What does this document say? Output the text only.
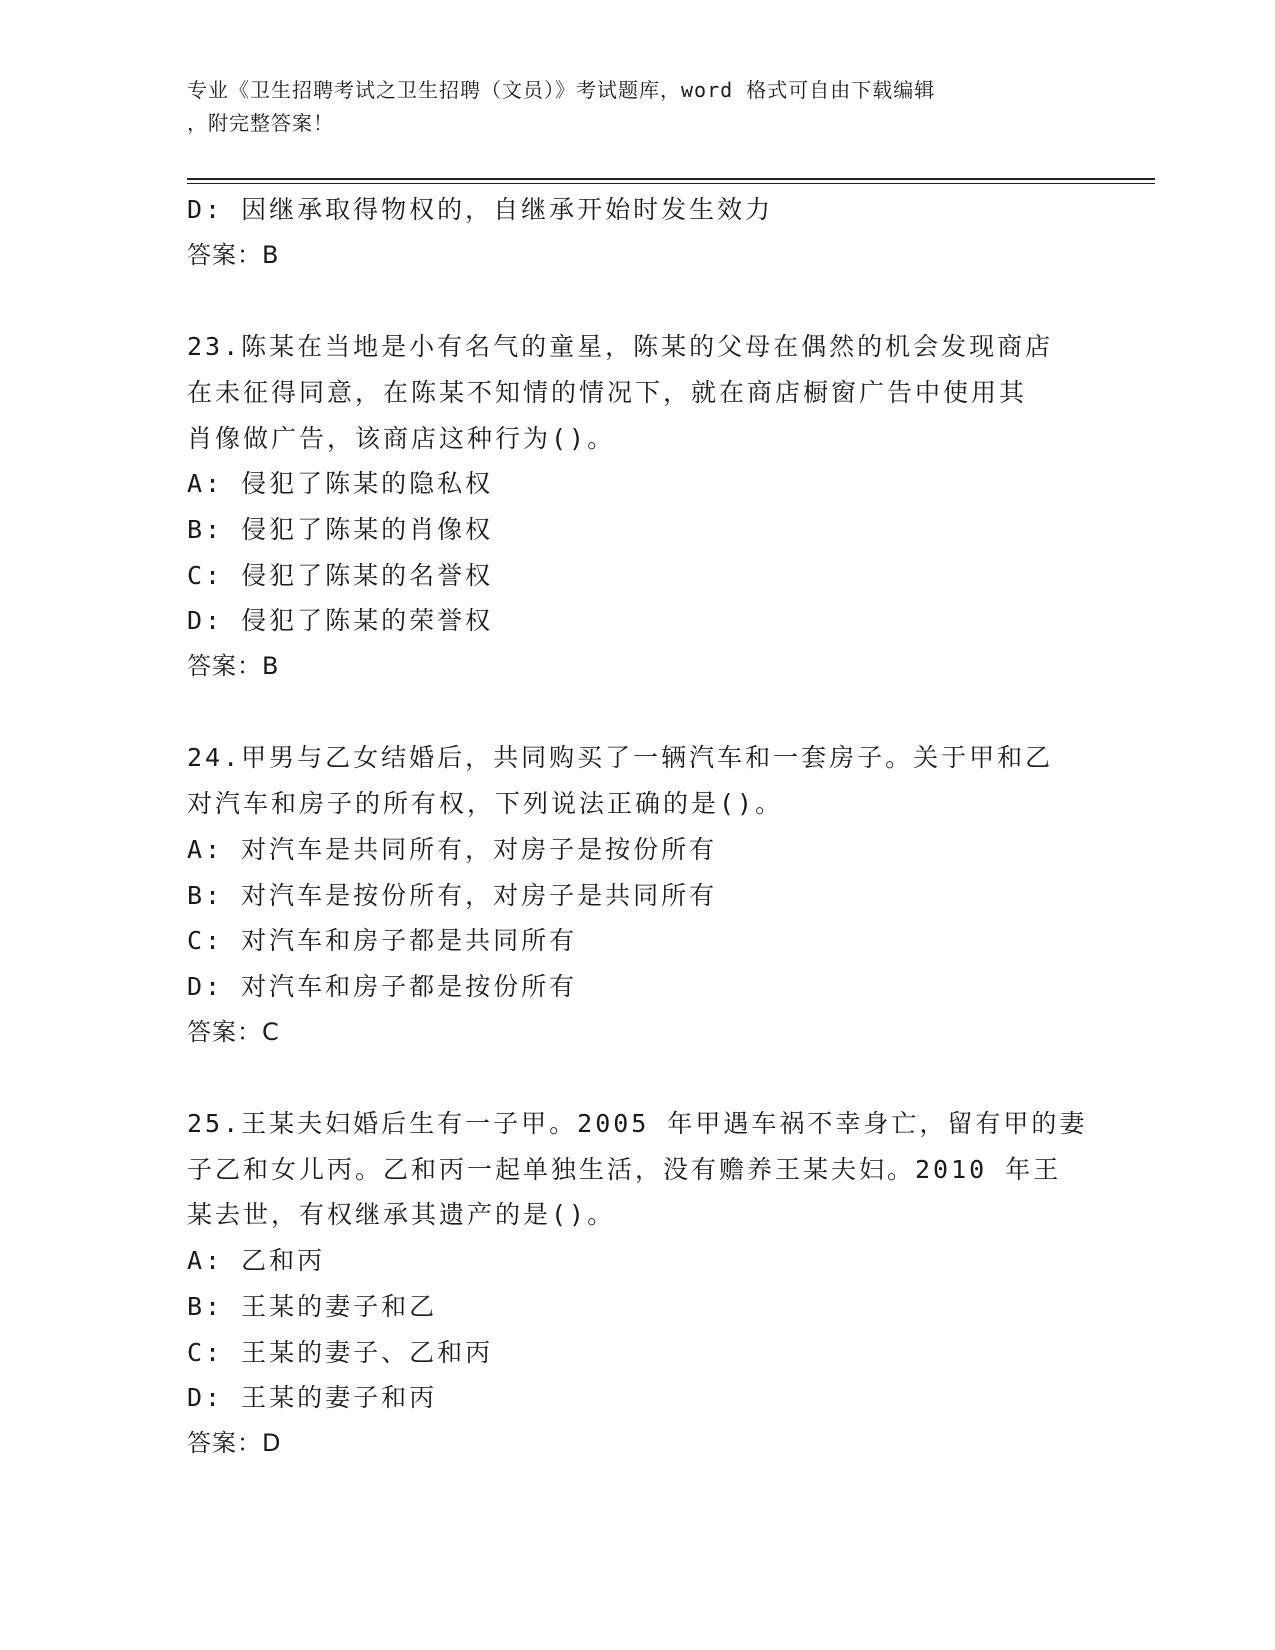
专业《卫生招聘考试之卫生招聘（文员）》考试题库，word 格式可自由下载编辑
，附完整答案！
D: 因继承取得物权的，自继承开始时发生效力
答案：B
23.陈某在当地是小有名气的童星，陈某的父母在偶然的机会发现商店
在未征得同意，在陈某不知情的情况下，就在商店橱窗广告中使用其
肖像做广告，该商店这种行为()。
A: 侵犯了陈某的隐私权
B: 侵犯了陈某的肖像权
C: 侵犯了陈某的名誉权
D: 侵犯了陈某的荣誉权
答案：B
24.甲男与乙女结婚后，共同购买了一辆汽车和一套房子。关于甲和乙
对汽车和房子的所有权，下列说法正确的是()。
A: 对汽车是共同所有，对房子是按份所有
B: 对汽车是按份所有，对房子是共同所有
C: 对汽车和房子都是共同所有
D: 对汽车和房子都是按份所有
答案：C
25.王某夫妇婚后生有一子甲。2005 年甲遇车祸不幸身亡，留有甲的妻
子乙和女儿丙。乙和丙一起单独生活，没有赡养王某夫妇。2010 年王
某去世，有权继承其遗产的是()。
A: 乙和丙
B: 王某的妻子和乙
C: 王某的妻子、乙和丙
D: 王某的妻子和丙
答案：D
